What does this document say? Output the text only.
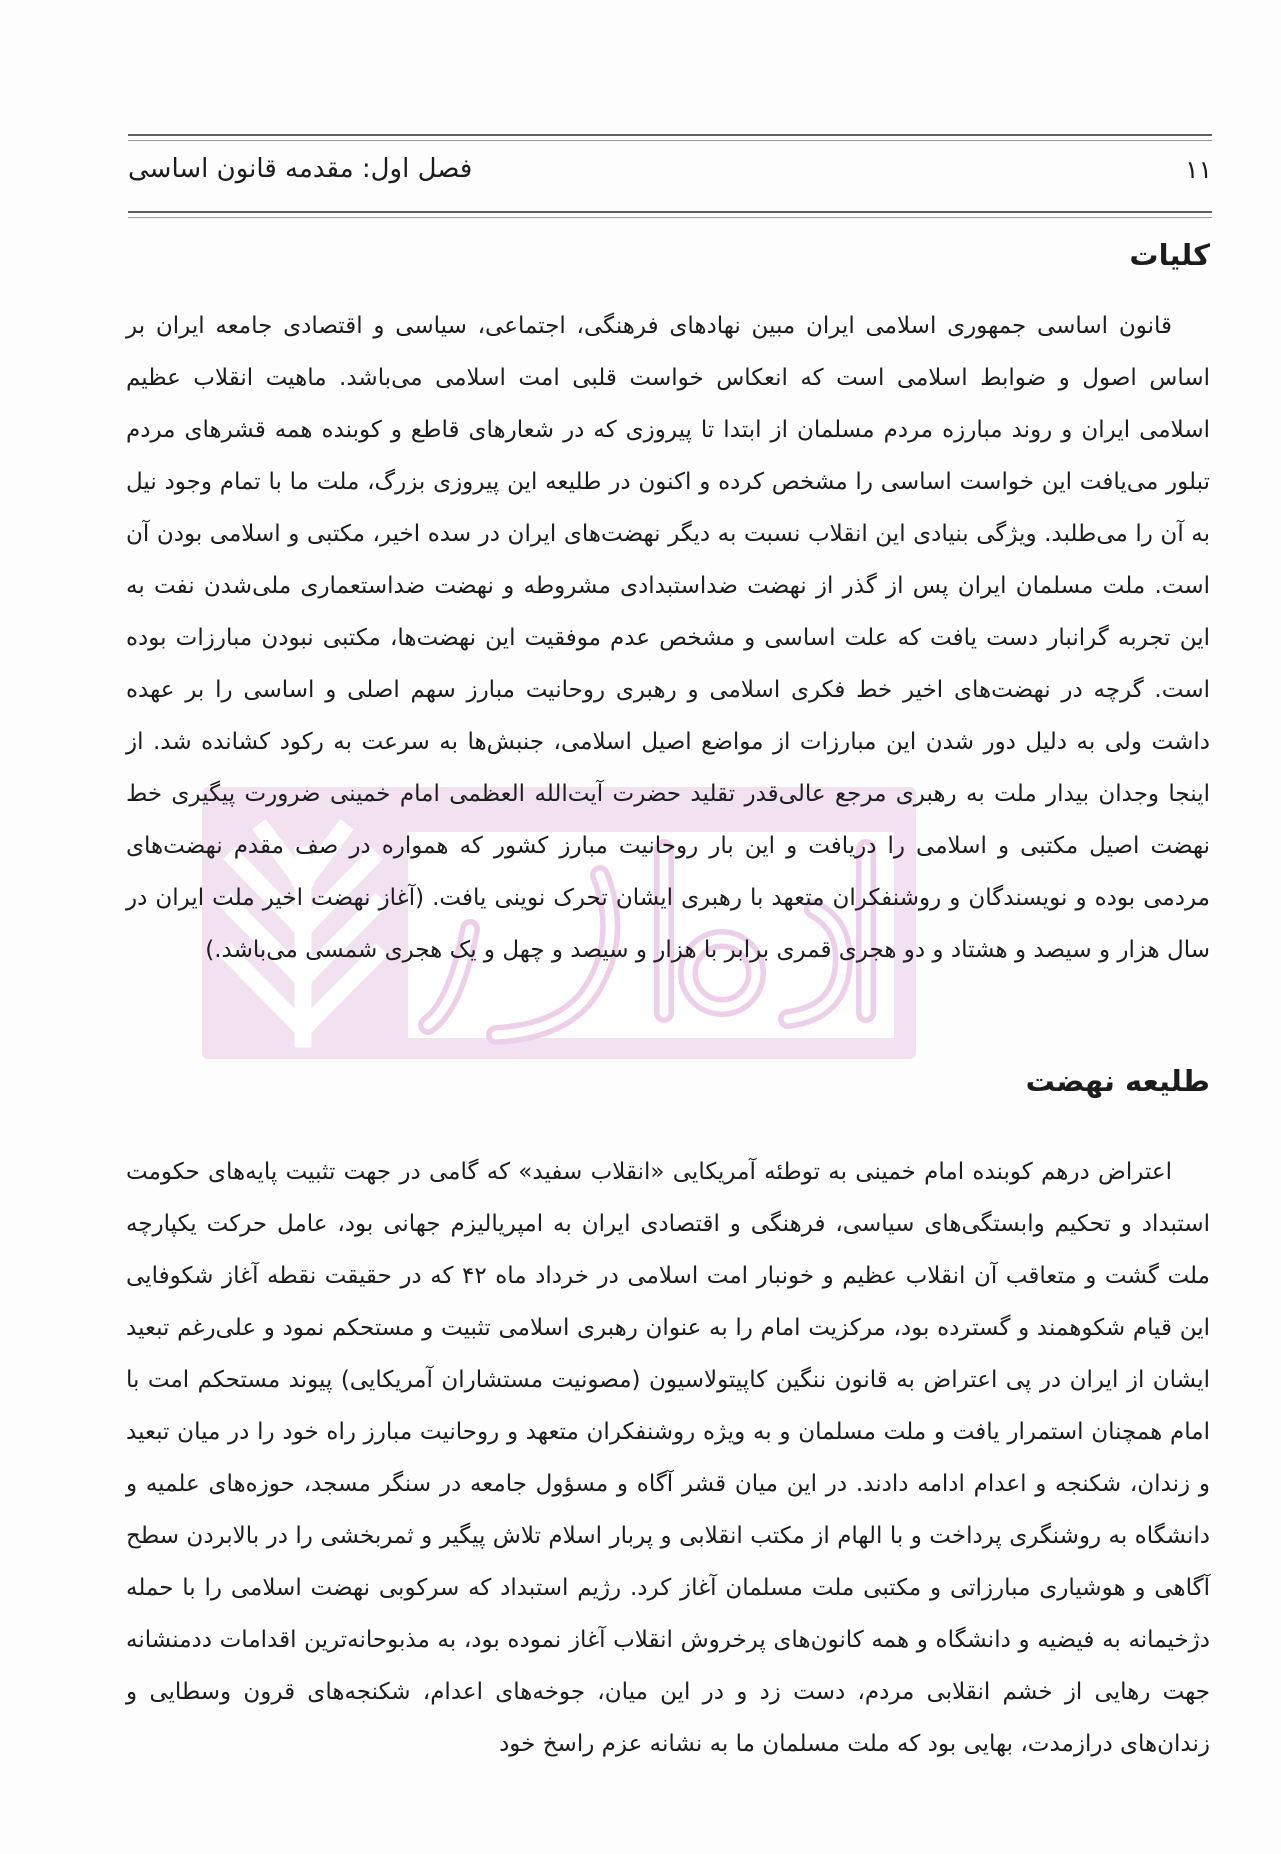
فصل اول: مقدمه قانون اساسی	۱۱
كليات

قانون اساسی جمهوری اسلامی ایران مبین نهادهای فرهنگی، اجتماعی، سیاسی و اقتصادی جامعه ایران بر اساس اصول و ضوابط اسلامی است که انعکاس خواست قلبی امت اسلامی می‌باشد. ماهیت انقلاب عظیم اسلامی ایران و روند مبارزه مردم مسلمان از ابتدا تا پیروزی که در شعارهای قاطع و کوبنده همه قشرهای مردم تبلور می‌یافت این خواست اساسی را مشخص کرده و اکنون در طلیعه این پیروزی بزرگ، ملت ما با تمام وجود نیل به آن را می‌طلبد. ویژگی بنیادی این انقلاب نسبت به دیگر نهضت‌های ایران در سده اخیر، مکتبی و اسلامی بودن آن است. ملت مسلمان ایران پس از گذر از نهضت ضداستبدادی مشروطه و نهضت ضداستعماری ملی‌شدن نفت به این تجربه گرانبار دست یافت که علت اساسی و مشخص عدم موفقیت این نهضت‌ها، مکتبی نبودن مبارزات بوده است. گرچه در نهضت‌های اخیر خط فکری اسلامی و رهبری روحانیت مبارز سهم اصلی و اساسی را بر عهده داشت ولی به دلیل دور شدن این مبارزات از مواضع اصیل اسلامی، جنبش‌ها به سرعت به رکود کشانده شد. از اینجا وجدان بیدار ملت به رهبری مرجع عالی‌قدر تقلید حضرت آیت‌الله العظمی امام خمینی ضرورت پیگیری خط نهضت اصیل مکتبی و اسلامی را دریافت و این بار روحانیت مبارز کشور که همواره در صف مقدم نهضت‌های مردمی بوده و نویسندگان و روشنفکران متعهد با رهبری ایشان تحرک نوینی یافت. (آغاز نهضت اخیر ملت ایران در سال هزار و سیصد و هشتاد و دو هجری قمری برابر با هزار و سیصد و چهل و یک هجری شمسی می‌باشد.)

طلیعه نهضت

اعتراض درهم کوبنده امام خمینی به توطئه آمریکایی «انقلاب سفید» که گامی در جهت تثبیت پایه‌های حکومت استبداد و تحکیم وابستگی‌های سیاسی، فرهنگی و اقتصادی ایران به امپریالیزم جهانی بود، عامل حرکت یکپارچه ملت گشت و متعاقب آن انقلاب عظیم و خونبار امت اسلامی در خرداد ماه ۴۲ که در حقیقت نقطه آغاز شکوفایی این قیام شکوهمند و گسترده بود، مرکزیت امام را به عنوان رهبری اسلامی تثبیت و مستحکم نمود و علی‌رغم تبعید ایشان از ایران در پی اعتراض به قانون ننگین کاپیتولاسیون (مصونیت مستشاران آمریکایی) پیوند مستحکم امت با امام همچنان استمرار یافت و ملت مسلمان و به ویژه روشنفکران متعهد و روحانیت مبارز راه خود را در میان تبعید و زندان، شکنجه و اعدام ادامه دادند. در این میان قشر آگاه و مسؤول جامعه در سنگر مسجد، حوزه‌های علمیه و دانشگاه به روشنگری پرداخت و با الهام از مکتب انقلابی و پربار اسلام تلاش پیگیر و ثمربخشی را در بالابردن سطح آگاهی و هوشیاری مبارزاتی و مکتبی ملت مسلمان آغاز کرد. رژیم استبداد که سرکوبی نهضت اسلامی را با حمله دژخیمانه به فیضیه و دانشگاه و همه کانون‌های پرخروش انقلاب آغاز نموده بود، به مذبوحانه‌ترین اقدامات ددمنشانه جهت رهایی از خشم انقلابی مردم، دست زد و در این میان، جوخه‌های اعدام، شکنجه‌های قرون وسطایی و زندان‌های درازمدت، بهایی بود که ملت مسلمان ما به نشانه عزم راسخ خود
